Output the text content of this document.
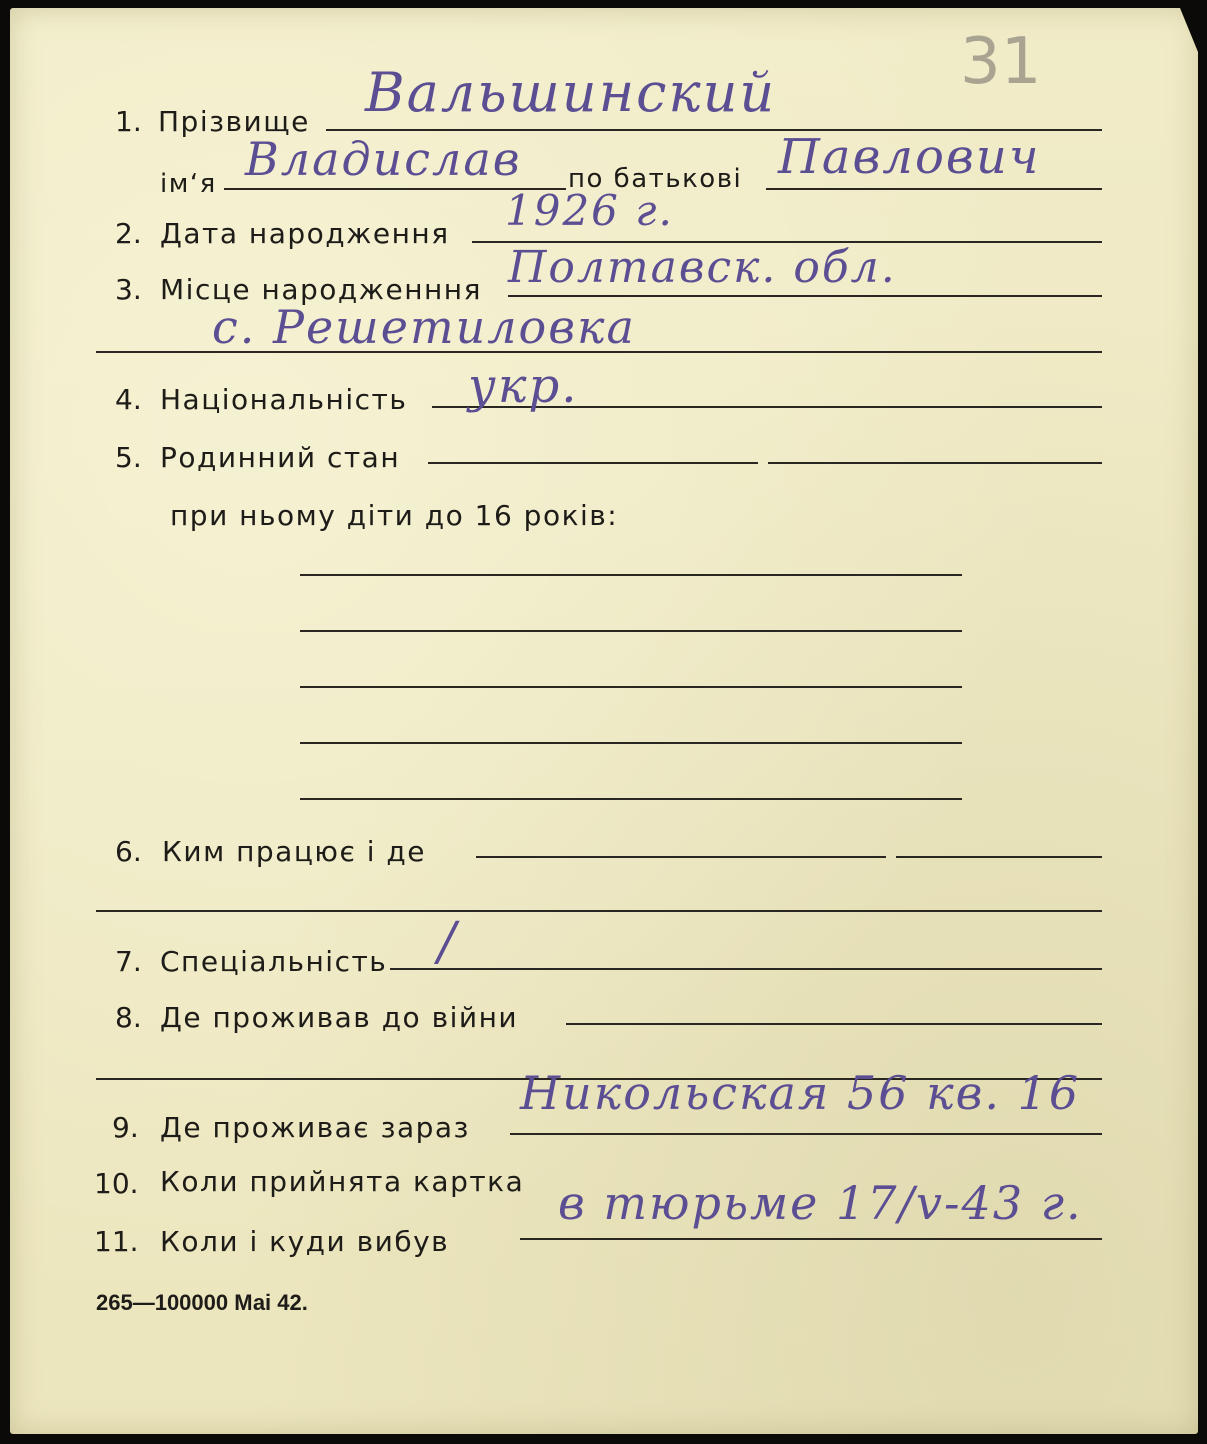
31
1. Прізвище Вальшинский
ім‘я Владислав по батькові Павлович
2. Дата народження 1926 г.
3. Місце народженння Полтавск. обл.
с. Решетиловка
4. Національність укр.
5. Родинний стан
при ньому діти до 16 років:
6. Ким працює і де
7. Спеціальність /
8. Де проживав до війни
9. Де проживає зараз
Никольская 56 кв. 16
10. Коли прийнята картка
11. Коли і куди вибув
в тюрьме 17/v-43 г.
265—100000 Маі 42.
